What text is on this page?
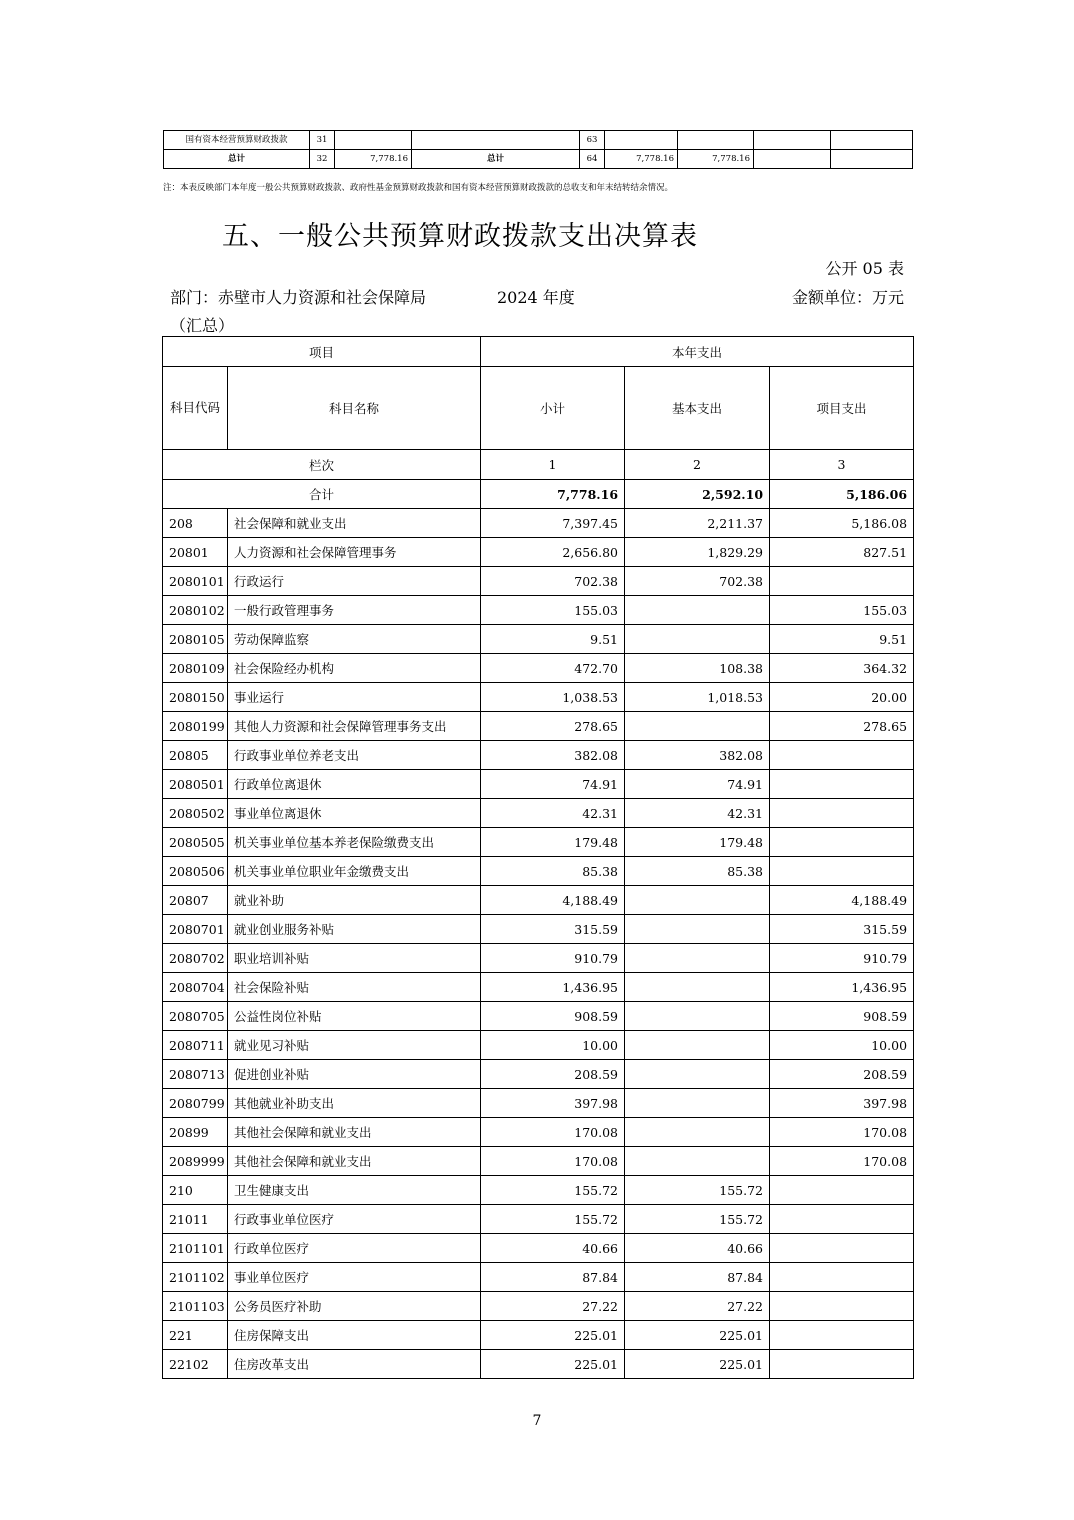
国有资本经营预算财政拨款	31			63				
总计	32	7,778.16	总计	64	7,778.16	7,778.16		
注：本表反映部门本年度一般公共预算财政拨款、政府性基金预算财政拨款和国有资本经营预算财政拨款的总收支和年末结转结余情况。
五、一般公共预算财政拨款支出决算表
公开 05 表
部门：赤壁市人力资源和社会保障局（汇总）
2024 年度	金额单位：万元
项目		本年支出		
科目代码	科目名称	小计	基本支出	项目支出
栏次		1	2	3
合计		7,778.16	2,592.10	5,186.06
208	社会保障和就业支出	7,397.45	2,211.37	5,186.08
20801	人力资源和社会保障管理事务	2,656.80	1,829.29	827.51
2080101	行政运行	702.38	702.38	
2080102	一般行政管理事务	155.03		155.03
2080105	劳动保障监察	9.51		9.51
2080109	社会保险经办机构	472.70	108.38	364.32
2080150	事业运行	1,038.53	1,018.53	20.00
2080199	其他人力资源和社会保障管理事务支出	278.65		278.65
20805	行政事业单位养老支出	382.08	382.08	
2080501	行政单位离退休	74.91	74.91	
2080502	事业单位离退休	42.31	42.31	
2080505	机关事业单位基本养老保险缴费支出	179.48	179.48	
2080506	机关事业单位职业年金缴费支出	85.38	85.38	
20807	就业补助	4,188.49		4,188.49
2080701	就业创业服务补贴	315.59		315.59
2080702	职业培训补贴	910.79		910.79
2080704	社会保险补贴	1,436.95		1,436.95
2080705	公益性岗位补贴	908.59		908.59
2080711	就业见习补贴	10.00		10.00
2080713	促进创业补贴	208.59		208.59
2080799	其他就业补助支出	397.98		397.98
20899	其他社会保障和就业支出	170.08		170.08
2089999	其他社会保障和就业支出	170.08		170.08
210	卫生健康支出	155.72	155.72	
21011	行政事业单位医疗	155.72	155.72	
2101101	行政单位医疗	40.66	40.66	
2101102	事业单位医疗	87.84	87.84	
2101103	公务员医疗补助	27.22	27.22	
221	住房保障支出	225.01	225.01	
22102	住房改革支出	225.01	225.01	
7
